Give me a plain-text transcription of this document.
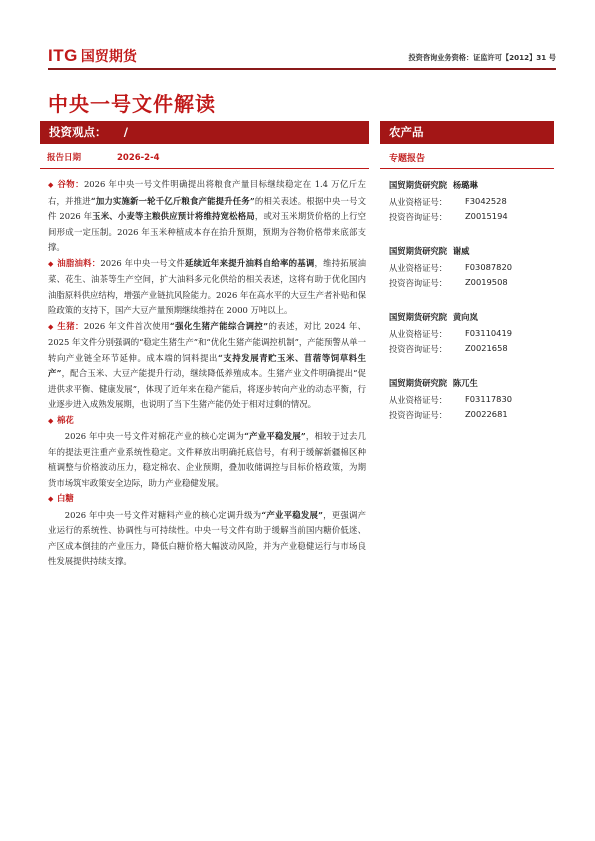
ITG 国贸期货	投资咨询业务资格：证监许可【2012】31 号
中央一号文件解读
投资观点：　　/	农产品
报告日期	2026-2-4	专题报告
国贸期货研究院 杨璐琳
从业资格证号： F3042528
投资咨询证号： Z0015194
国贸期货研究院 谢威
从业资格证号： F03087820
投资咨询证号： Z0019508
国贸期货研究院 黄向岚
从业资格证号： F03110419
投资咨询证号： Z0021658
国贸期货研究院 陈兀生
从业资格证号： F03117830
投资咨询证号： Z0022681

◆ 谷物：2026 年中央一号文件明确提出将粮食产量目标继续稳定在 1.4 万亿斤左右，并推进“加力实施新一轮千亿斤粮食产能提升任务”的相关表述。根据中央一号文件 2026 年玉米、小麦等主粮供应预计将维持宽松格局，或对玉米期货价格的上行空间形成一定压制。2026 年玉米种植成本存在抬升预期，预期为谷物价格带来底部支撑。

◆ 油脂油料：2026 年中央一号文件延续近年来提升油料自给率的基调，维持拓展油菜、花生、油茶等生产空间，扩大油料多元化供给的相关表述，这将有助于优化国内油脂原料供应结构，增强产业链抗风险能力。2026 年在高水平的大豆生产者补贴和保险政策的支持下，国产大豆产量预期继续维持在 2000 万吨以上。

◆ 生猪：2026 年文件首次使用“强化生猪产能综合调控”的表述，对比 2024 年、2025 年文件分别强调的“稳定生猪生产”和“优化生猪产能调控机制”，产能预警从单一转向产业链全环节延伸。成本端的饲料提出“支持发展青贮玉米、苜蓿等饲草料生产”，配合玉米、大豆产能提升行动，继续降低养殖成本。生猪产业文件明确提出“促进供求平衡、健康发展”，体现了近年来在稳产能后，将逐步转向产业的动态平衡，行业逐步进入成熟发展期，也说明了当下生猪产能仍处于相对过剩的情况。

◆ 棉花

2026 年中央一号文件对棉花产业的核心定调为“产业平稳发展”，相较于过去几年的提法更注重产业系统性稳定。文件释放出明确托底信号，有利于缓解新疆棉区种植调整与价格波动压力，稳定棉农、企业预期，叠加收储调控与目标价格政策，为期货市场筑牢政策安全边际，助力产业稳健发展。

◆ 白糖

2026 年中央一号文件对糖料产业的核心定调升级为“产业平稳发展”，更强调产业运行的系统性、协调性与可持续性。中央一号文件有助于缓解当前国内糖价低迷、产区成本倒挂的产业压力，降低白糖价格大幅波动风险，并为产业稳健运行与市场良性发展提供持续支撑。
